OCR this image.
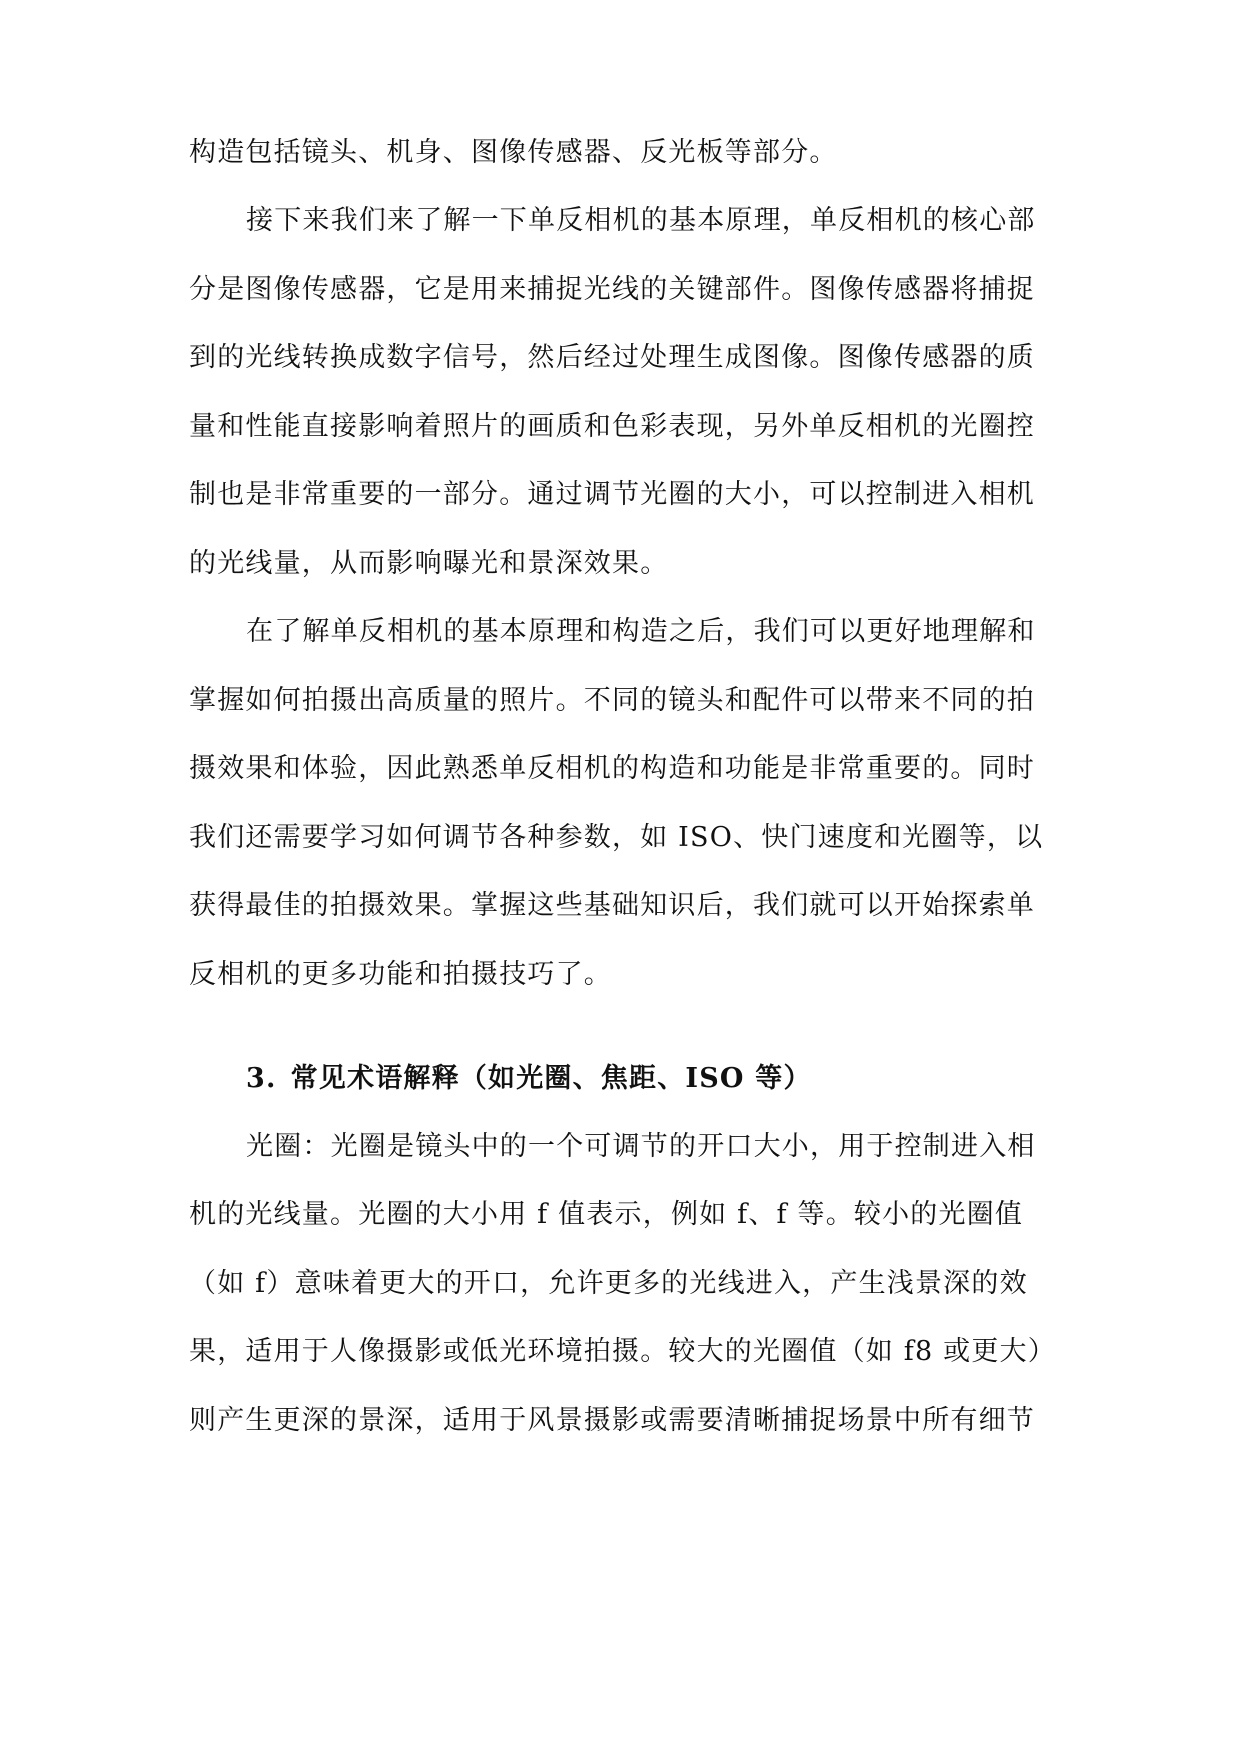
构造包括镜头、机身、图像传感器、反光板等部分。
接下来我们来了解一下单反相机的基本原理，单反相机的核心部
分是图像传感器，它是用来捕捉光线的关键部件。图像传感器将捕捉
到的光线转换成数字信号，然后经过处理生成图像。图像传感器的质
量和性能直接影响着照片的画质和色彩表现，另外单反相机的光圈控
制也是非常重要的一部分。通过调节光圈的大小，可以控制进入相机
的光线量，从而影响曝光和景深效果。
在了解单反相机的基本原理和构造之后，我们可以更好地理解和
掌握如何拍摄出高质量的照片。不同的镜头和配件可以带来不同的拍
摄效果和体验，因此熟悉单反相机的构造和功能是非常重要的。同时
我们还需要学习如何调节各种参数，如 ISO、快门速度和光圈等，以
获得最佳的拍摄效果。掌握这些基础知识后，我们就可以开始探索单
反相机的更多功能和拍摄技巧了。
3. 常见术语解释（如光圈、焦距、ISO 等）
光圈：光圈是镜头中的一个可调节的开口大小，用于控制进入相
机的光线量。光圈的大小用 f 值表示，例如 f、f 等。较小的光圈值
（如 f）意味着更大的开口，允许更多的光线进入，产生浅景深的效
果，适用于人像摄影或低光环境拍摄。较大的光圈值（如 f8 或更大）
则产生更深的景深，适用于风景摄影或需要清晰捕捉场景中所有细节
